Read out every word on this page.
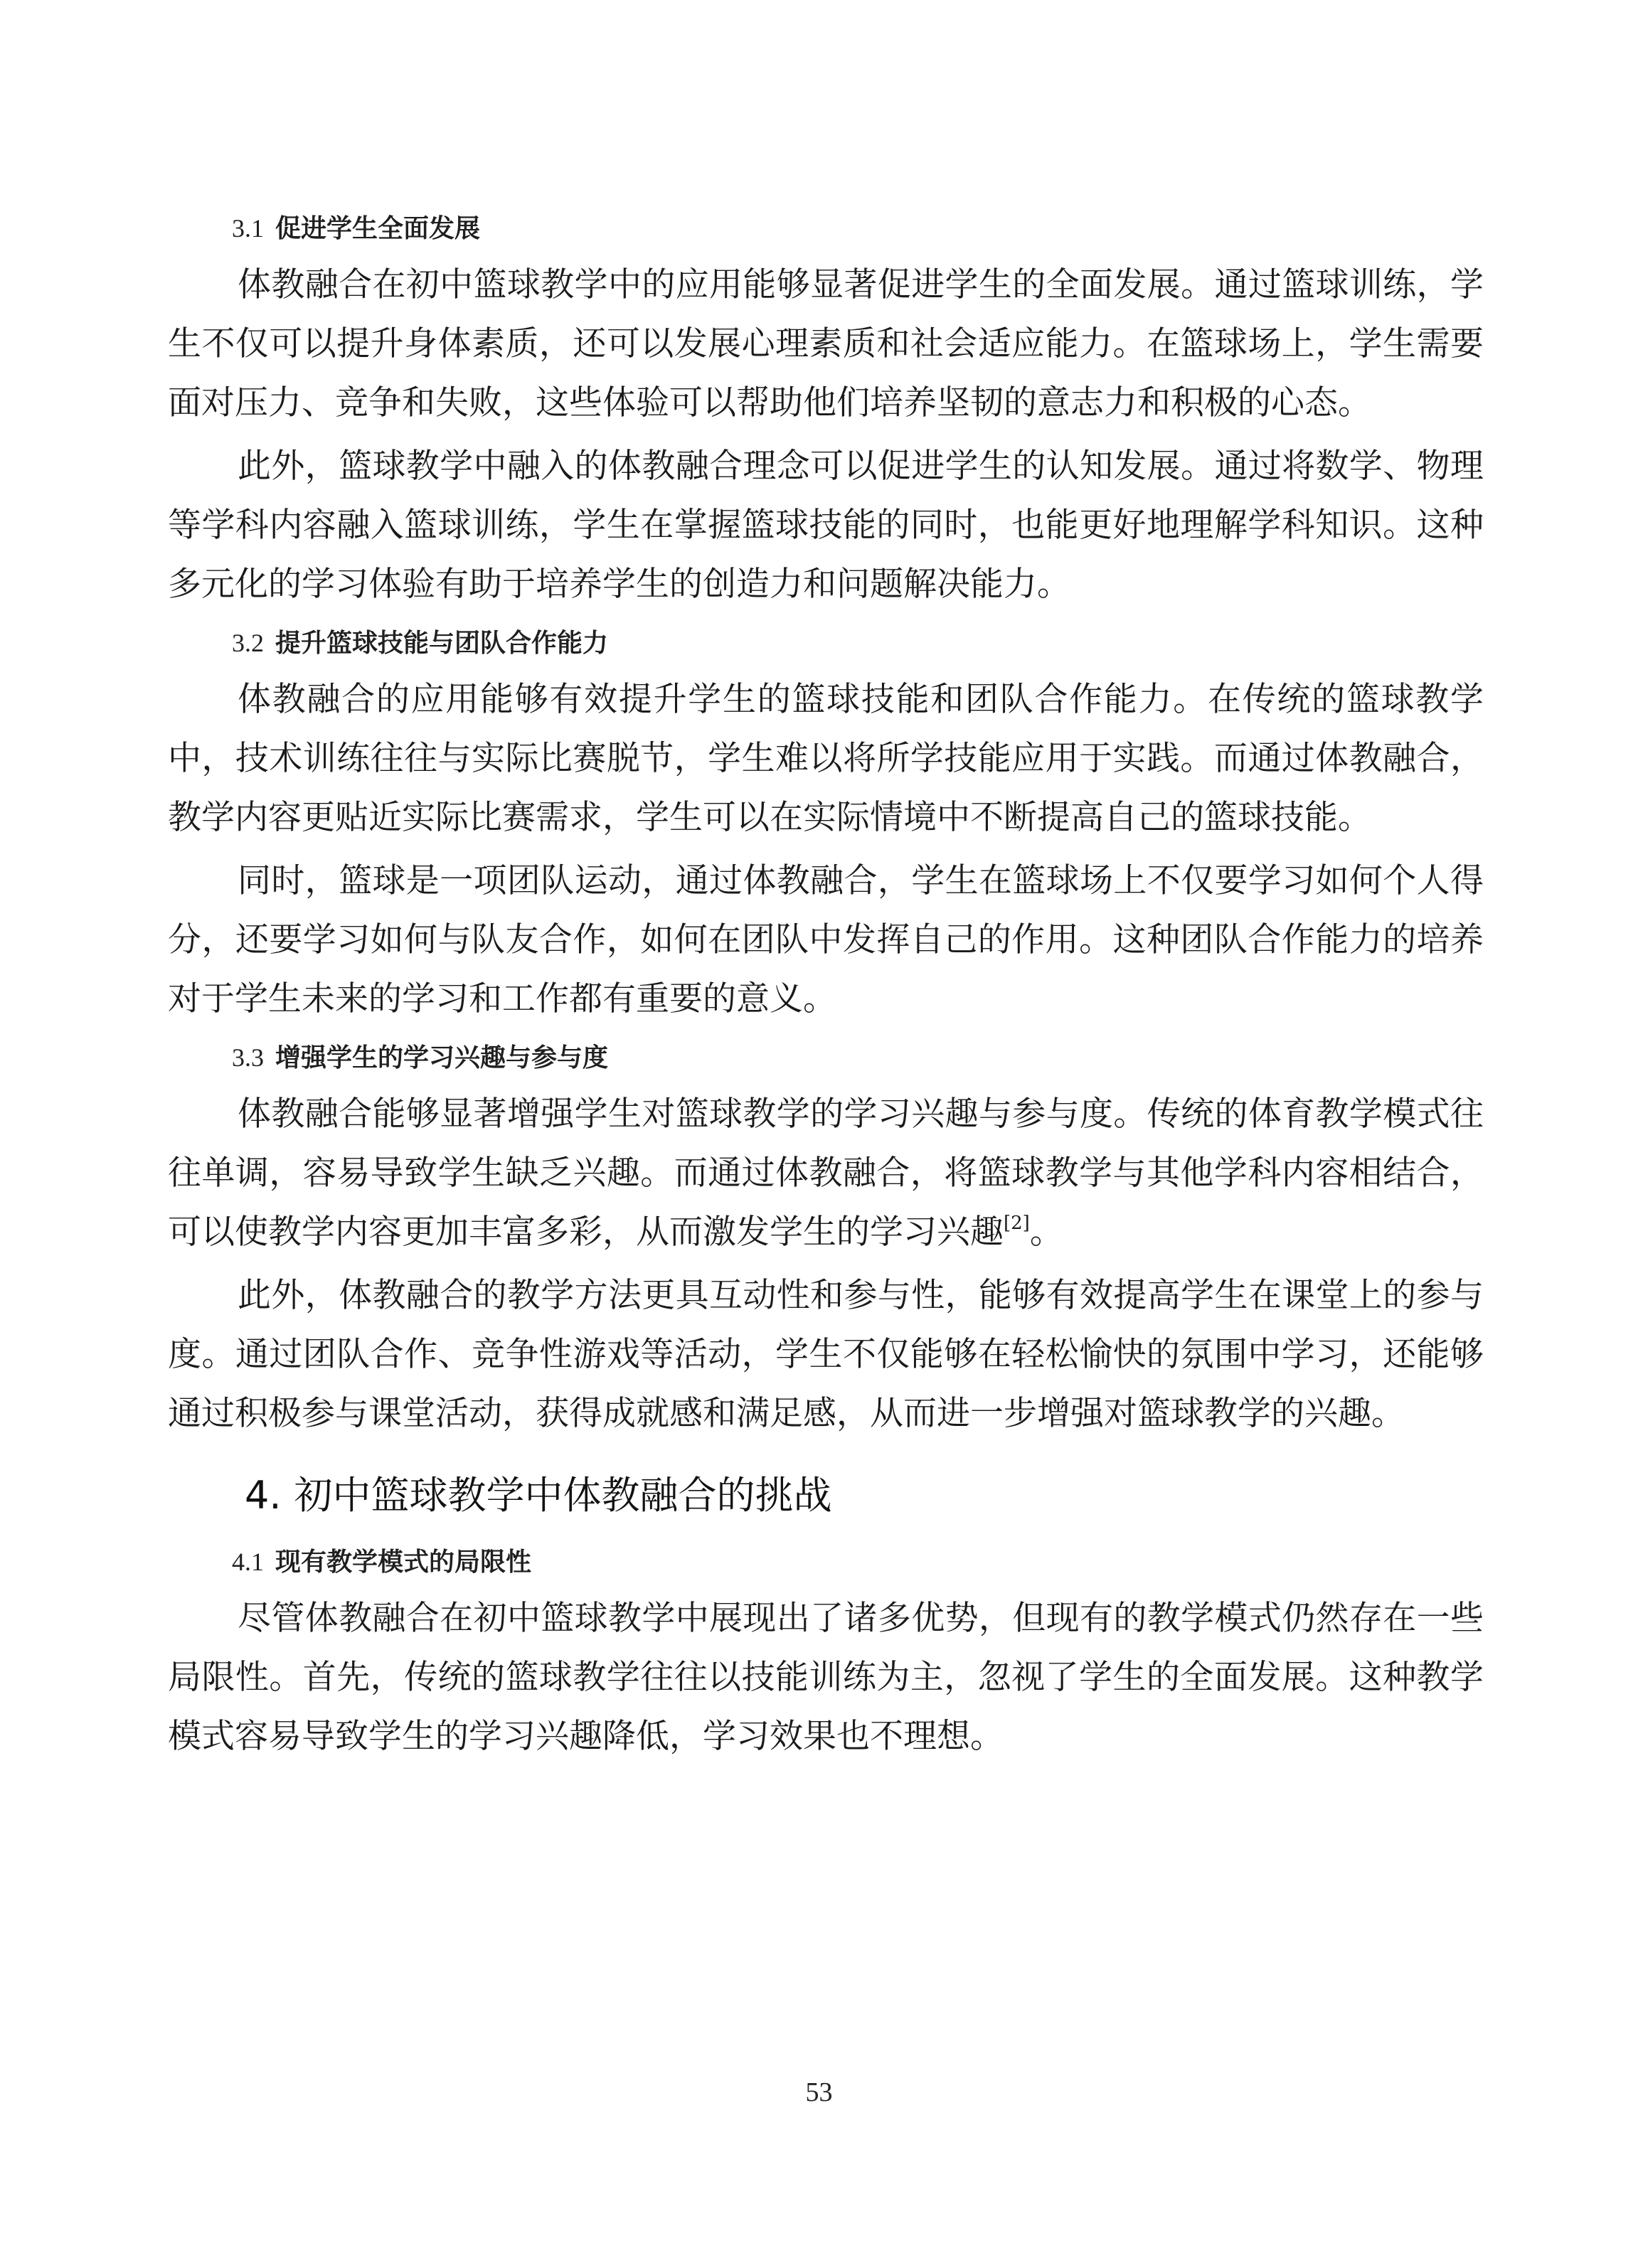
3.1 促进学生全面发展

体教融合在初中篮球教学中的应用能够显著促进学生的全面发展。通过篮球训练，学生不仅可以提升身体素质，还可以发展心理素质和社会适应能力。在篮球场上，学生需要面对压力、竞争和失败，这些体验可以帮助他们培养坚韧的意志力和积极的心态。

此外，篮球教学中融入的体教融合理念可以促进学生的认知发展。通过将数学、物理等学科内容融入篮球训练，学生在掌握篮球技能的同时，也能更好地理解学科知识。这种多元化的学习体验有助于培养学生的创造力和问题解决能力。

3.2 提升篮球技能与团队合作能力

体教融合的应用能够有效提升学生的篮球技能和团队合作能力。在传统的篮球教学中，技术训练往往与实际比赛脱节，学生难以将所学技能应用于实践。而通过体教融合，教学内容更贴近实际比赛需求，学生可以在实际情境中不断提高自己的篮球技能。

同时，篮球是一项团队运动，通过体教融合，学生在篮球场上不仅要学习如何个人得分，还要学习如何与队友合作，如何在团队中发挥自己的作用。这种团队合作能力的培养对于学生未来的学习和工作都有重要的意义。

3.3 增强学生的学习兴趣与参与度

体教融合能够显著增强学生对篮球教学的学习兴趣与参与度。传统的体育教学模式往往单调，容易导致学生缺乏兴趣。而通过体教融合，将篮球教学与其他学科内容相结合，可以使教学内容更加丰富多彩，从而激发学生的学习兴趣[2]。

此外，体教融合的教学方法更具互动性和参与性，能够有效提高学生在课堂上的参与度。通过团队合作、竞争性游戏等活动，学生不仅能够在轻松愉快的氛围中学习，还能够通过积极参与课堂活动，获得成就感和满足感，从而进一步增强对篮球教学的兴趣。

4. 初中篮球教学中体教融合的挑战
4.1 现有教学模式的局限性

尽管体教融合在初中篮球教学中展现出了诸多优势，但现有的教学模式仍然存在一些局限性。首先，传统的篮球教学往往以技能训练为主，忽视了学生的全面发展。这种教学模式容易导致学生的学习兴趣降低，学习效果也不理想。

53
